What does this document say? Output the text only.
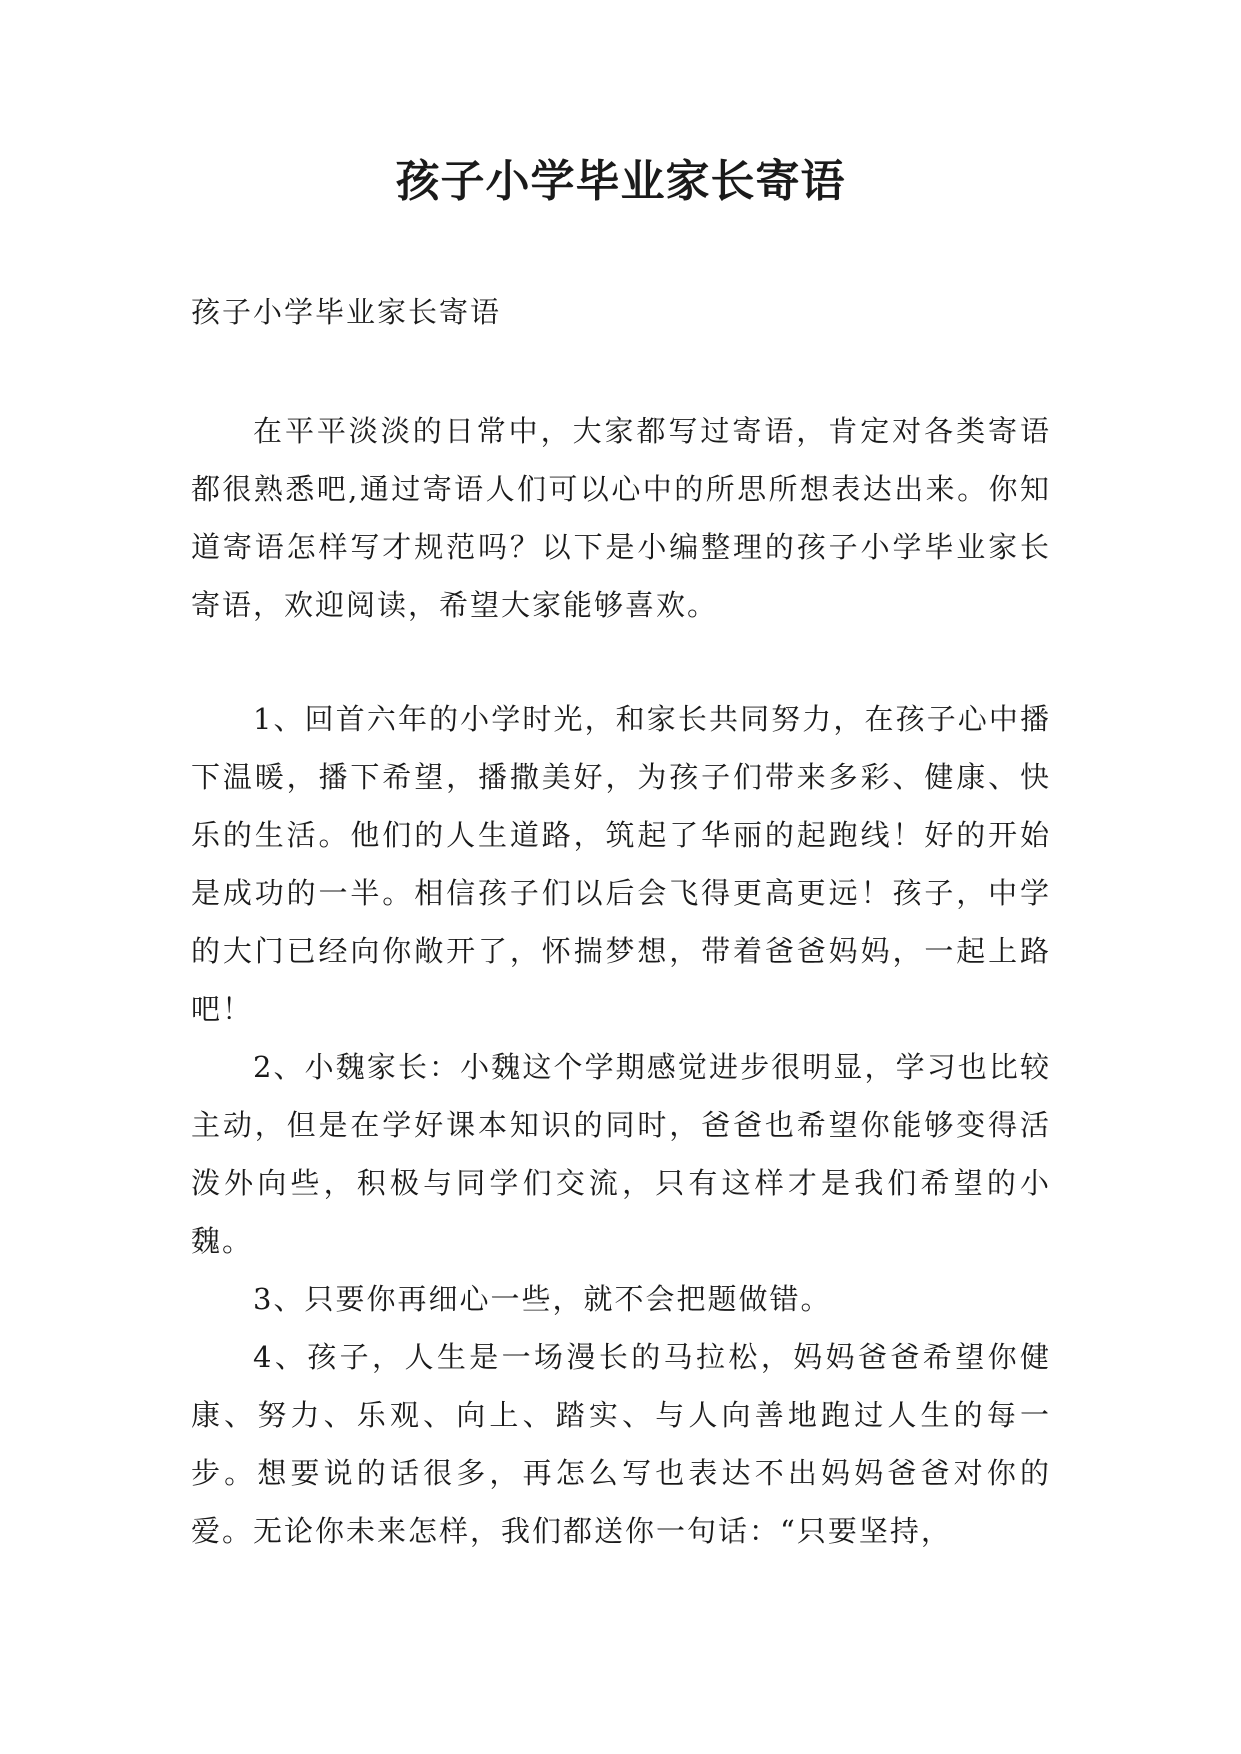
孩子小学毕业家长寄语

孩子小学毕业家长寄语

在平平淡淡的日常中，大家都写过寄语，肯定对各类寄语都很熟悉吧,通过寄语人们可以心中的所思所想表达出来。你知道寄语怎样写才规范吗？以下是小编整理的孩子小学毕业家长寄语，欢迎阅读，希望大家能够喜欢。

1、回首六年的小学时光，和家长共同努力，在孩子心中播下温暖，播下希望，播撒美好，为孩子们带来多彩、健康、快乐的生活。他们的人生道路，筑起了华丽的起跑线！好的开始是成功的一半。相信孩子们以后会飞得更高更远！孩子，中学的大门已经向你敞开了，怀揣梦想，带着爸爸妈妈，一起上路吧！

2、小魏家长：小魏这个学期感觉进步很明显，学习也比较主动，但是在学好课本知识的同时，爸爸也希望你能够变得活泼外向些，积极与同学们交流，只有这样才是我们希望的小魏。

3、只要你再细心一些，就不会把题做错。

4、孩子，人生是一场漫长的马拉松，妈妈爸爸希望你健康、努力、乐观、向上、踏实、与人向善地跑过人生的每一步。想要说的话很多，再怎么写也表达不出妈妈爸爸对你的爱。无论你未来怎样，我们都送你一句话：“只要坚持，
